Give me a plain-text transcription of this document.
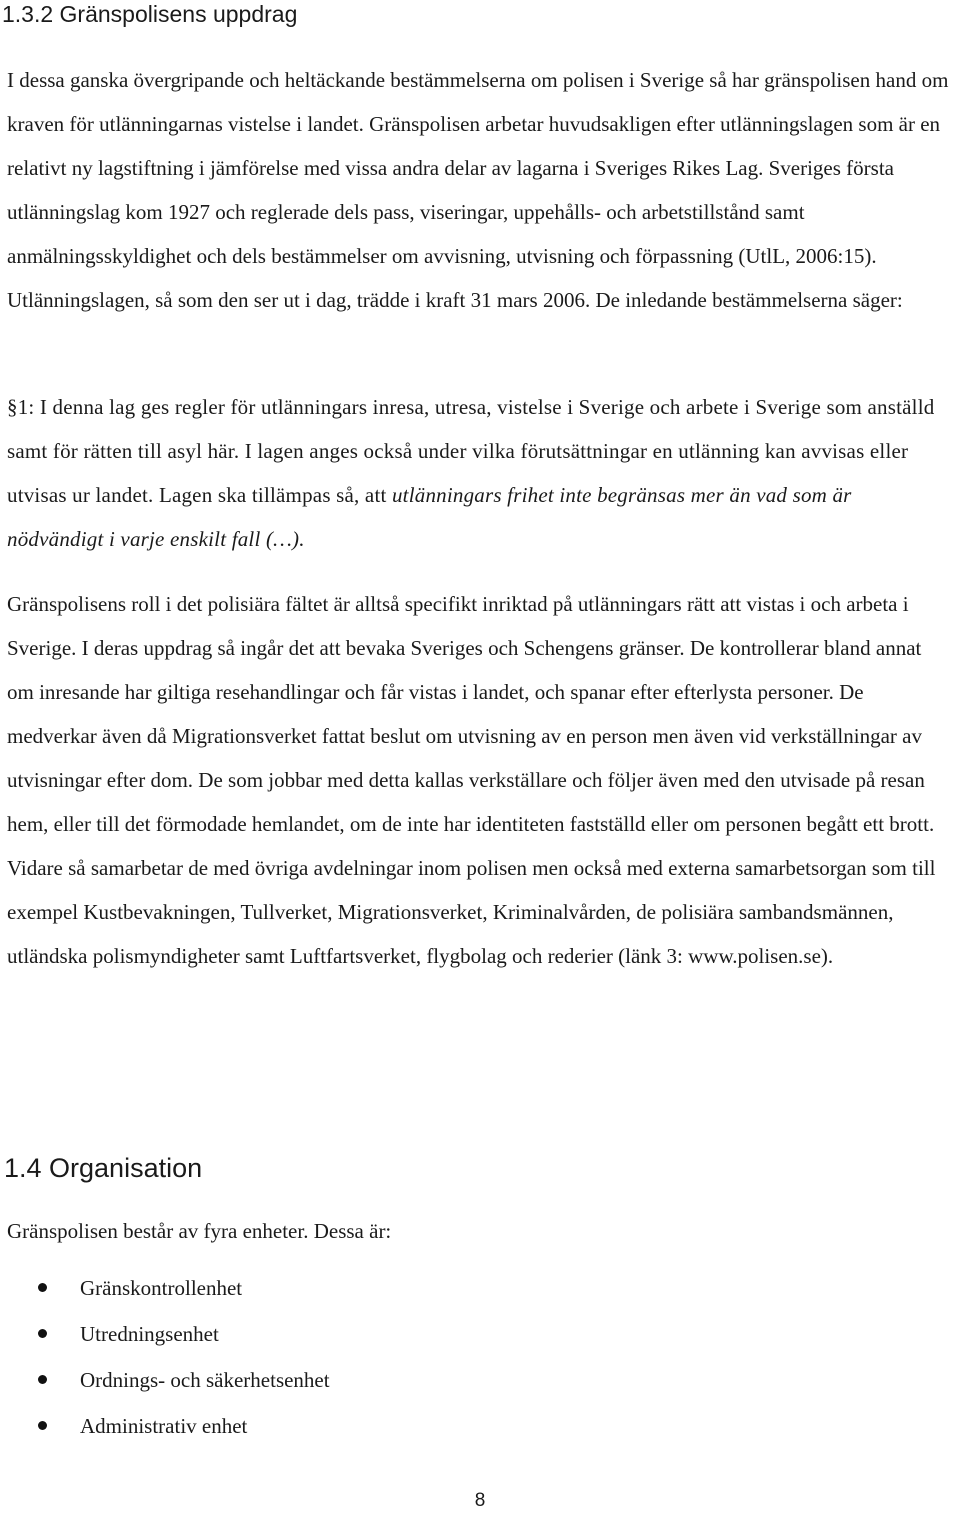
1.3.2 Gränspolisens uppdrag

I dessa ganska övergripande och heltäckande bestämmelserna om polisen i Sverige så har gränspolisen hand om kraven för utlänningarnas vistelse i landet. Gränspolisen arbetar huvudsakligen efter utlänningslagen som är en relativt ny lagstiftning i jämförelse med vissa andra delar av lagarna i Sveriges Rikes Lag. Sveriges första utlänningslag kom 1927 och reglerade dels pass, viseringar, uppehålls- och arbetstillstånd samt anmälningsskyldighet och dels bestämmelser om avvisning, utvisning och förpassning (UtlL, 2006:15). Utlänningslagen, så som den ser ut i dag, trädde i kraft 31 mars 2006. De inledande bestämmelserna säger:

§1: I denna lag ges regler för utlänningars inresa, utresa, vistelse i Sverige och arbete i Sverige som anställd samt för rätten till asyl här. I lagen anges också under vilka förutsättningar en utlänning kan avvisas eller utvisas ur landet. Lagen ska tillämpas så, att utlänningars frihet inte begränsas mer än vad som är nödvändigt i varje enskilt fall (…).

Gränspolisens roll i det polisiära fältet är alltså specifikt inriktad på utlänningars rätt att vistas i och arbeta i Sverige. I deras uppdrag så ingår det att bevaka Sveriges och Schengens gränser. De kontrollerar bland annat om inresande har giltiga resehandlingar och får vistas i landet, och spanar efter efterlysta personer. De medverkar även då Migrationsverket fattat beslut om utvisning av en person men även vid verkställningar av utvisningar efter dom. De som jobbar med detta kallas verkställare och följer även med den utvisade på resan hem, eller till det förmodade hemlandet, om de inte har identiteten fastställd eller om personen begått ett brott. Vidare så samarbetar de med övriga avdelningar inom polisen men också med externa samarbetsorgan som till exempel Kustbevakningen, Tullverket, Migrationsverket, Kriminalvården, de polisiära sambandsmännen, utländska polismyndigheter samt Luftfartsverket, flygbolag och rederier (länk 3: www.polisen.se).

1.4 Organisation

Gränspolisen består av fyra enheter. Dessa är:

Gränskontrollenhet
Utredningsenhet
Ordnings- och säkerhetsenhet
Administrativ enhet
8
